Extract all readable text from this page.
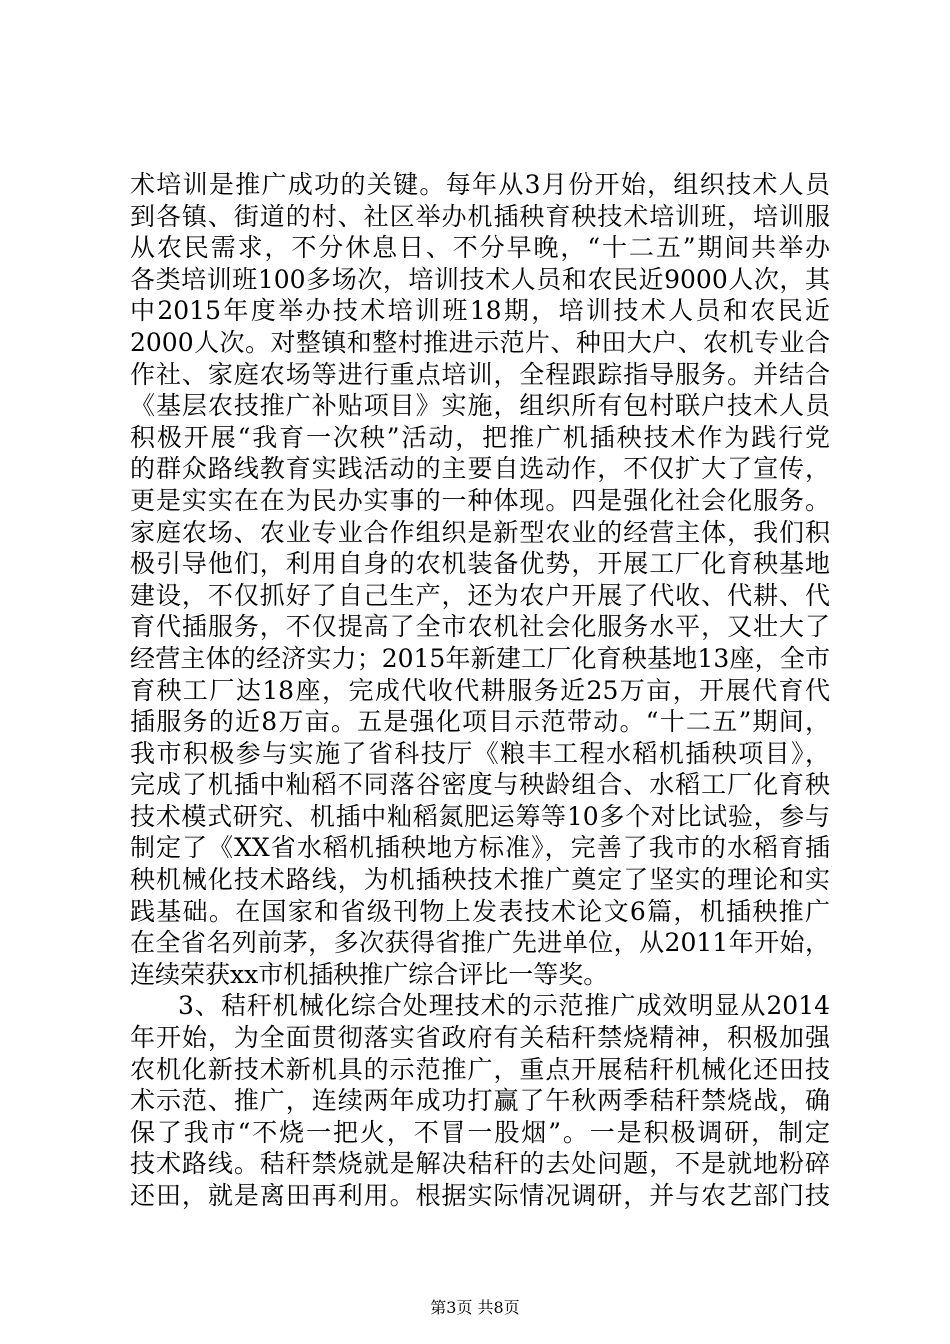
术培训是推广成功的关键。每年从3月份开始，组织技术人员
到各镇、街道的村、社区举办机插秧育秧技术培训班，培训服
从农民需求，不分休息日、不分早晚，“十二五”期间共举办
各类培训班100多场次，培训技术人员和农民近9000人次，其
中2015年度举办技术培训班18期，培训技术人员和农民近
2000人次。对整镇和整村推进示范片、种田大户、农机专业合
作社、家庭农场等进行重点培训，全程跟踪指导服务。并结合
《基层农技推广补贴项目》实施，组织所有包村联户技术人员
积极开展“我育一次秧”活动，把推广机插秧技术作为践行党
的群众路线教育实践活动的主要自选动作，不仅扩大了宣传，
更是实实在在为民办实事的一种体现。四是强化社会化服务。
家庭农场、农业专业合作组织是新型农业的经营主体，我们积
极引导他们，利用自身的农机装备优势，开展工厂化育秧基地
建设，不仅抓好了自己生产，还为农户开展了代收、代耕、代
育代插服务，不仅提高了全市农机社会化服务水平，又壮大了
经营主体的经济实力；2015年新建工厂化育秧基地13座，全市
育秧工厂达18座，完成代收代耕服务近25万亩，开展代育代
插服务的近8万亩。五是强化项目示范带动。“十二五”期间，
我市积极参与实施了省科技厅《粮丰工程水稻机插秧项目》，
完成了机插中籼稻不同落谷密度与秧龄组合、水稻工厂化育秧
技术模式研究、机插中籼稻氮肥运筹等10多个对比试验，参与
制定了《XX省水稻机插秧地方标准》，完善了我市的水稻育插
秧机械化技术路线，为机插秧技术推广奠定了坚实的理论和实
践基础。在国家和省级刊物上发表技术论文6篇，机插秧推广
在全省名列前茅，多次获得省推广先进单位，从2011年开始，
连续荣获xx市机插秧推广综合评比一等奖。
3、秸秆机械化综合处理技术的示范推广成效明显从2014
年开始，为全面贯彻落实省政府有关秸秆禁烧精神，积极加强
农机化新技术新机具的示范推广，重点开展秸秆机械化还田技
术示范、推广，连续两年成功打赢了午秋两季秸秆禁烧战，确
保了我市“不烧一把火，不冒一股烟”。一是积极调研，制定
技术路线。秸秆禁烧就是解决秸秆的去处问题，不是就地粉碎
还田，就是离田再利用。根据实际情况调研，并与农艺部门技
第3页 共8页
